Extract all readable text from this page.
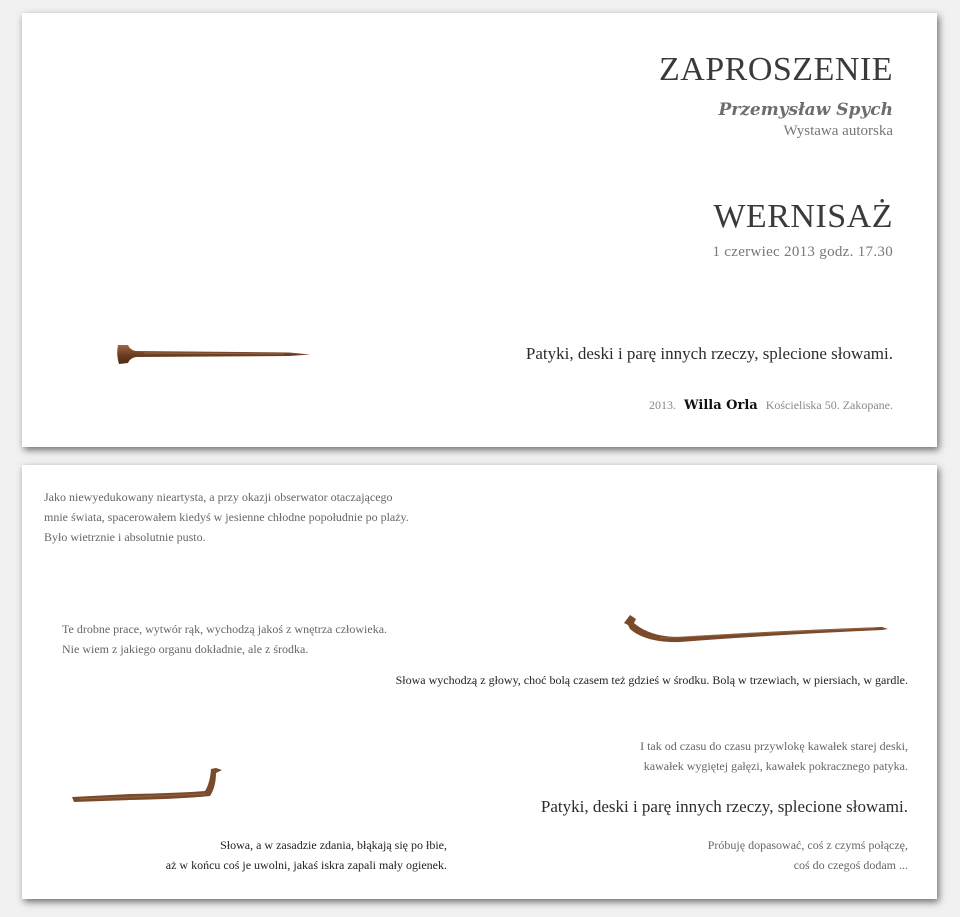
ZAPROSZENIE
Przemysław Spych
Wystawa autorska
WERNISAŻ
1 czerwiec 2013 godz. 17.30
Patyki, deski i parę innych rzeczy, splecione słowami.
2013. Willa Orla Kościeliska 50. Zakopane.
Jako niewyedukowany nieartysta, a przy okazji obserwator otaczającego
mnie świata, spacerowałem kiedyś w jesienne chłodne popołudnie po plaży.
Było wietrznie i absolutnie pusto.
Te drobne prace, wytwór rąk, wychodzą jakoś z wnętrza człowieka.
Nie wiem z jakiego organu dokładnie, ale z środka.
Słowa wychodzą z głowy, choć bolą czasem też gdzieś w środku. Bolą w trzewiach, w piersiach, w gardle.
I tak od czasu do czasu przywlokę kawałek starej deski,
kawałek wygiętej gałęzi, kawałek pokracznego patyka.
Patyki, deski i parę innych rzeczy, splecione słowami.
Słowa, a w zasadzie zdania, błąkają się po łbie,
aż w końcu coś je uwolni, jakaś iskra zapali mały ogienek.
Próbuję dopasować, coś z czymś połączę,
coś do czegoś dodam ...
